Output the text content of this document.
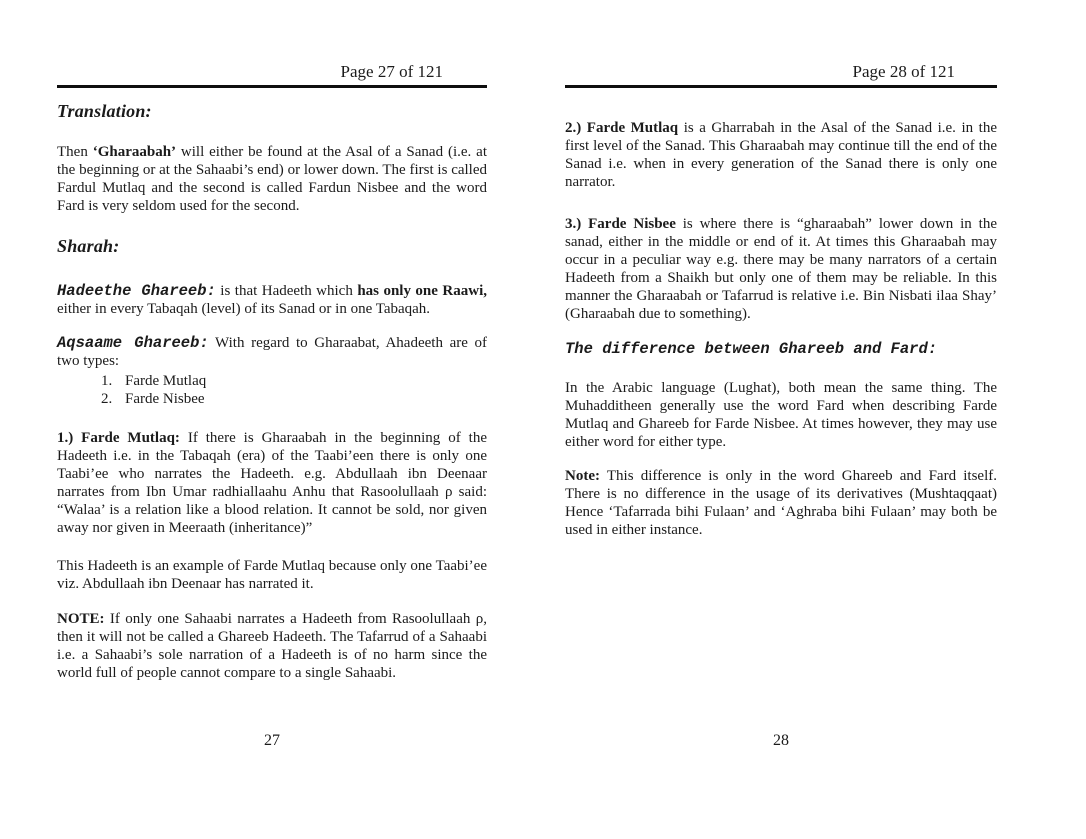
Page 27 of 121
Translation:
Then ‘Gharaabah’ will either be found at the Asal of a Sanad (i.e. at the beginning or at the Sahaabi’s end) or lower down. The first is called Fardul Mutlaq and the second is called Fardun Nisbee and the word Fard is very seldom used for the second.
Sharah:
Hadeethe Ghareeb: is that Hadeeth which has only one Raawi, either in every Tabaqah (level) of its Sanad or in one Tabaqah.
Aqsaame Ghareeb: With regard to Gharaabat, Ahadeeth are of two types:
1. Farde Mutlaq
2. Farde Nisbee
1.) Farde Mutlaq: If there is Gharaabah in the beginning of the Hadeeth i.e. in the Tabaqah (era) of the Taabi’een there is only one Taabi’ee who narrates the Hadeeth. e.g. Abdullaah ibn Deenaar narrates from Ibn Umar radhiallaahu Anhu that Rasoolullaah ρ said: “Walaa’ is a relation like a blood relation. It cannot be sold, nor given away nor given in Meeraath (inheritance)”
This Hadeeth is an example of Farde Mutlaq because only one Taabi’ee viz. Abdullaah ibn Deenaar has narrated it.
NOTE: If only one Sahaabi narrates a Hadeeth from Rasoolullaah ρ, then it will not be called a Ghareeb Hadeeth. The Tafarrud of a Sahaabi i.e. a Sahaabi’s sole narration of a Hadeeth is of no harm since the world full of people cannot compare to a single Sahaabi.
Page 28 of 121
2.) Farde Mutlaq is a Gharrabah in the Asal of the Sanad i.e. in the first level of the Sanad. This Gharaabah may continue till the end of the Sanad i.e. when in every generation of the Sanad there is only one narrator.
3.) Farde Nisbee is where there is “gharaabah” lower down in the sanad, either in the middle or end of it. At times this Gharaabah may occur in a peculiar way e.g. there may be many narrators of a certain Hadeeth from a Shaikh but only one of them may be reliable. In this manner the Gharaabah or Tafarrud is relative i.e. Bin Nisbati ilaa Shay’ (Gharaabah due to something).
The difference between Ghareeb and Fard:
In the Arabic language (Lughat), both mean the same thing. The Muhadditheen generally use the word Fard when describing Farde Mutlaq and Ghareeb for Farde Nisbee. At times however, they may use either word for either type.
Note: This difference is only in the word Ghareeb and Fard itself. There is no difference in the usage of its derivatives (Mushtaqqaat) Hence ‘Tafarrada bihi Fulaan’ and ‘Aghraba bihi Fulaan’ may both be used in either instance.
27	28
